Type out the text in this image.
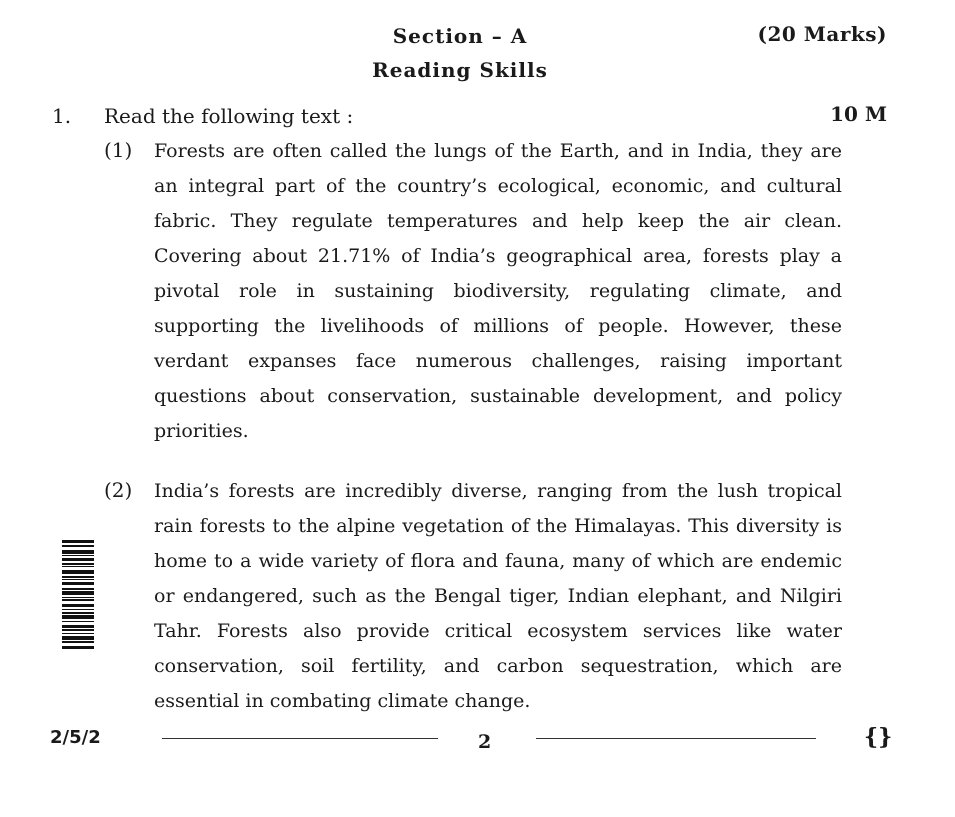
Section – A	(20 Marks)
Reading Skills
1. Read the following text :	10 M
(1) Forests are often called the lungs of the Earth, and in India, they are an integral part of the country’s ecological, economic, and cultural fabric. They regulate temperatures and help keep the air clean. Covering about 21.71% of India’s geographical area, forests play a pivotal role in sustaining biodiversity, regulating climate, and supporting the livelihoods of millions of people. However, these verdant expanses face numerous challenges, raising important questions about conservation, sustainable development, and policy priorities.

(2) India’s forests are incredibly diverse, ranging from the lush tropical rain forests to the alpine vegetation of the Himalayas. This diversity is home to a wide variety of flora and fauna, many of which are endemic or endangered, such as the Bengal tiger, Indian elephant, and Nilgiri Tahr. Forests also provide critical ecosystem services like water conservation, soil fertility, and carbon sequestration, which are essential in combating climate change.

2/5/2	2	{}
